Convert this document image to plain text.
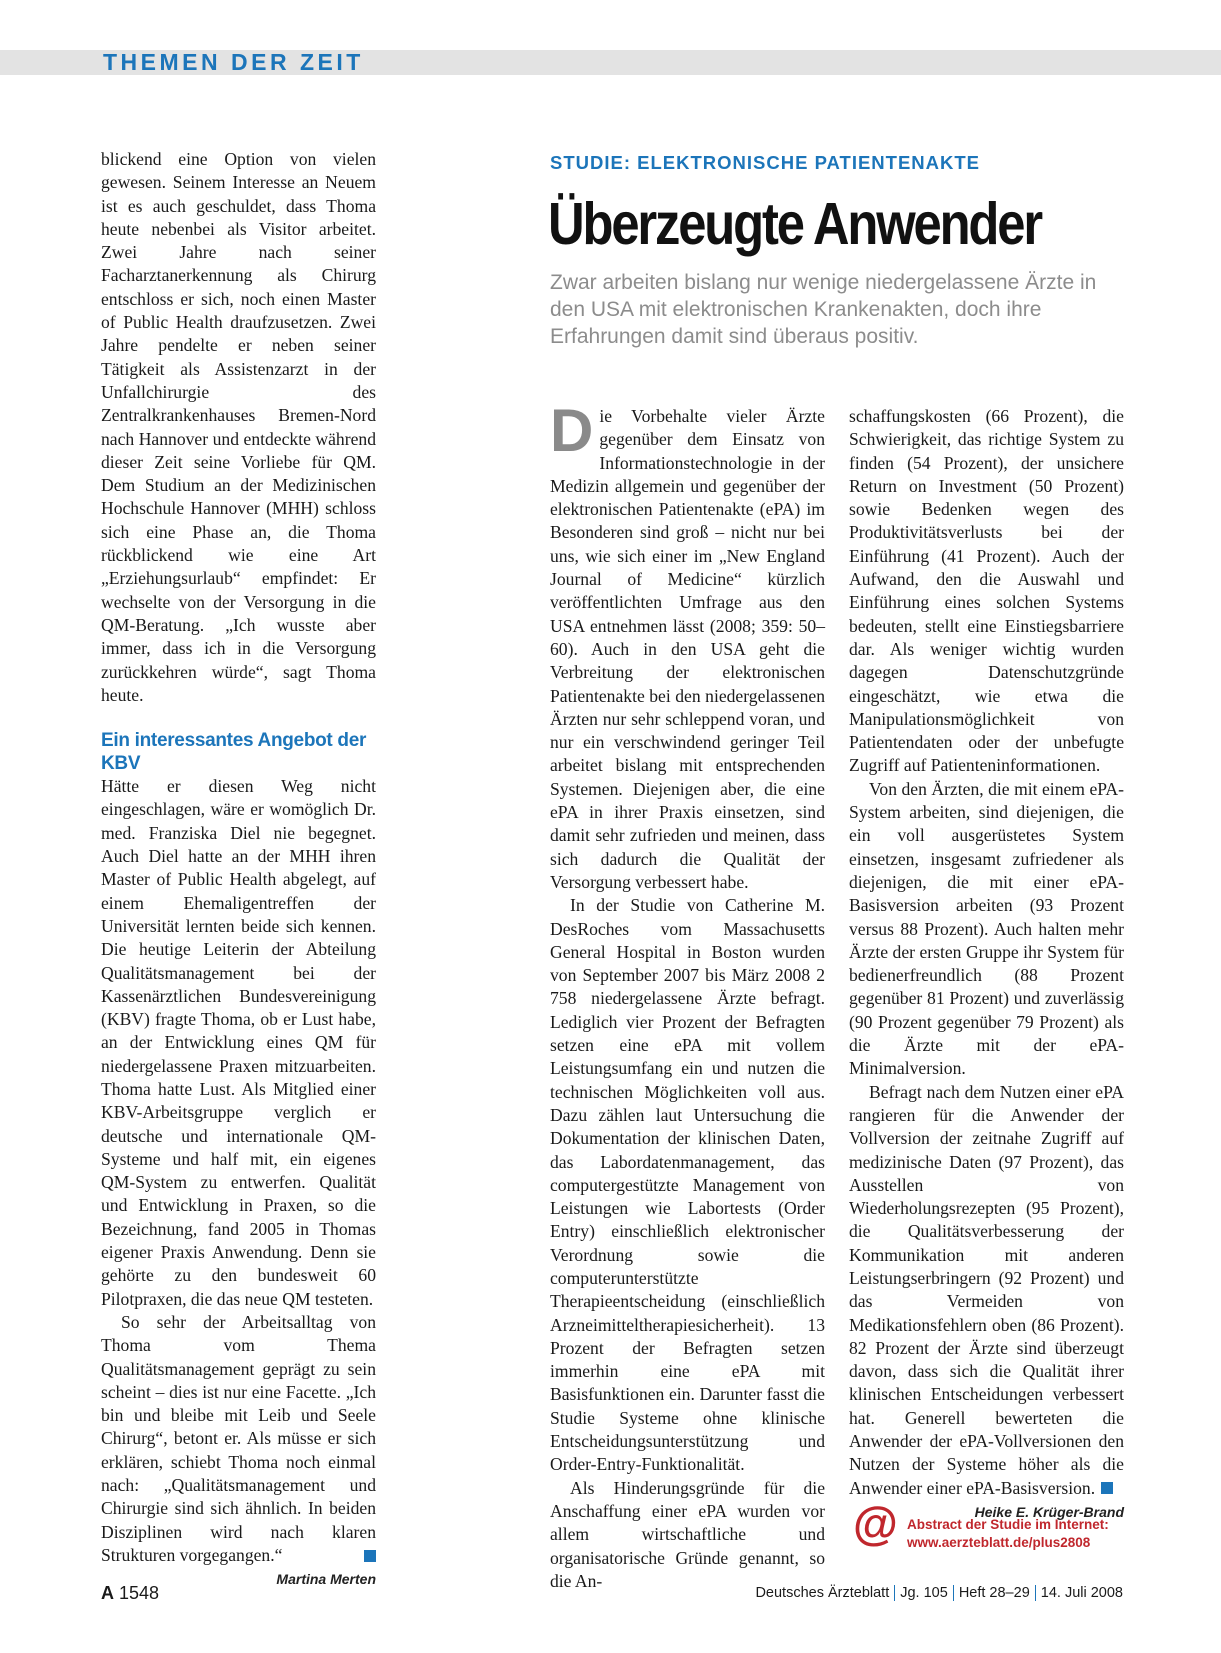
THEMEN DER ZEIT

blickend eine Option von vielen gewesen. Seinem Interesse an Neuem ist es auch geschuldet, dass Thoma heute nebenbei als Visitor arbeitet. Zwei Jahre nach seiner Facharztanerkennung als Chirurg entschloss er sich, noch einen Master of Public Health draufzusetzen. Zwei Jahre pendelte er neben seiner Tätigkeit als Assistenzarzt in der Unfallchirurgie des Zentralkrankenhauses Bremen-Nord nach Hannover und entdeckte während dieser Zeit seine Vorliebe für QM. Dem Studium an der Medizinischen Hochschule Hannover (MHH) schloss sich eine Phase an, die Thoma rückblickend wie eine Art „Erziehungsurlaub“ empfindet: Er wechselte von der Versorgung in die QM-Beratung. „Ich wusste aber immer, dass ich in die Versorgung zurückkehren würde“, sagt Thoma heute.

Ein interessantes Angebot der KBV

Hätte er diesen Weg nicht eingeschlagen, wäre er womöglich Dr. med. Franziska Diel nie begegnet. Auch Diel hatte an der MHH ihren Master of Public Health abgelegt, auf einem Ehemaligentreffen der Universität lernten beide sich kennen. Die heutige Leiterin der Abteilung Qualitätsmanagement bei der Kassenärztlichen Bundesvereinigung (KBV) fragte Thoma, ob er Lust habe, an der Entwicklung eines QM für niedergelassene Praxen mitzuarbeiten. Thoma hatte Lust. Als Mitglied einer KBV-Arbeitsgruppe verglich er deutsche und internationale QM-Systeme und half mit, ein eigenes QM-System zu entwerfen. Qualität und Entwicklung in Praxen, so die Bezeichnung, fand 2005 in Thomas eigener Praxis Anwendung. Denn sie gehörte zu den bundesweit 60 Pilotpraxen, die das neue QM testeten.

So sehr der Arbeitsalltag von Thoma vom Thema Qualitätsmanagement geprägt zu sein scheint – dies ist nur eine Facette. „Ich bin und bleibe mit Leib und Seele Chirurg“, betont er. Als müsse er sich erklären, schiebt Thoma noch einmal nach: „Qualitätsmanagement und Chirurgie sind sich ähnlich. In beiden Disziplinen wird nach klaren Strukturen vorgegangen.“

Martina Merten
STUDIE: ELEKTRONISCHE PATIENTENAKTE
Überzeugte Anwender

Zwar arbeiten bislang nur wenige niedergelassene Ärzte in den USA mit elektronischen Krankenakten, doch ihre Erfahrungen damit sind überaus positiv.

Die Vorbehalte vieler Ärzte gegenüber dem Einsatz von Informationstechnologie in der Medizin allgemein und gegenüber der elektronischen Patientenakte (ePA) im Besonderen sind groß – nicht nur bei uns, wie sich einer im „New England Journal of Medicine“ kürzlich veröffentlichten Umfrage aus den USA entnehmen lässt (2008; 359: 50–60). Auch in den USA geht die Verbreitung der elektronischen Patientenakte bei den niedergelassenen Ärzten nur sehr schleppend voran, und nur ein verschwindend geringer Teil arbeitet bislang mit entsprechenden Systemen. Diejenigen aber, die eine ePA in ihrer Praxis einsetzen, sind damit sehr zufrieden und meinen, dass sich dadurch die Qualität der Versorgung verbessert habe.

In der Studie von Catherine M. DesRoches vom Massachusetts General Hospital in Boston wurden von September 2007 bis März 2008 2 758 niedergelassene Ärzte befragt. Lediglich vier Prozent der Befragten setzen eine ePA mit vollem Leistungsumfang ein und nutzen die technischen Möglichkeiten voll aus. Dazu zählen laut Untersuchung die Dokumentation der klinischen Daten, das Labordatenmanagement, das computergestützte Management von Leistungen wie Labortests (Order Entry) einschließlich elektronischer Verordnung sowie die computerunterstützte Therapieentscheidung (einschließlich Arzneimitteltherapiesicherheit). 13 Prozent der Befragten setzen immerhin eine ePA mit Basisfunktionen ein. Darunter fasst die Studie Systeme ohne klinische Entscheidungsunterstützung und Order-Entry-Funktionalität.

Als Hinderungsgründe für die Anschaffung einer ePA wurden vor allem wirtschaftliche und organisatorische Gründe genannt, so die An-

schaffungskosten (66 Prozent), die Schwierigkeit, das richtige System zu finden (54 Prozent), der unsichere Return on Investment (50 Prozent) sowie Bedenken wegen des Produktivitätsverlusts bei der Einführung (41 Prozent). Auch der Aufwand, den die Auswahl und Einführung eines solchen Systems bedeuten, stellt eine Einstiegsbarriere dar. Als weniger wichtig wurden dagegen Datenschutzgründe eingeschätzt, wie etwa die Manipulationsmöglichkeit von Patientendaten oder der unbefugte Zugriff auf Patienteninformationen.

Von den Ärzten, die mit einem ePA-System arbeiten, sind diejenigen, die ein voll ausgerüstetes System einsetzen, insgesamt zufriedener als diejenigen, die mit einer ePA-Basisversion arbeiten (93 Prozent versus 88 Prozent). Auch halten mehr Ärzte der ersten Gruppe ihr System für bedienerfreundlich (88 Prozent gegenüber 81 Prozent) und zuverlässig (90 Prozent gegenüber 79 Prozent) als die Ärzte mit der ePA-Minimalversion.

Befragt nach dem Nutzen einer ePA rangieren für die Anwender der Vollversion der zeitnahe Zugriff auf medizinische Daten (97 Prozent), das Ausstellen von Wiederholungsrezepten (95 Prozent), die Qualitätsverbesserung der Kommunikation mit anderen Leistungserbringern (92 Prozent) und das Vermeiden von Medikationsfehlern oben (86 Prozent). 82 Prozent der Ärzte sind überzeugt davon, dass sich die Qualität ihrer klinischen Entscheidungen verbessert hat. Generell bewerteten die Anwender der ePA-Vollversionen den Nutzen der Systeme höher als die Anwender einer ePA-Basisversion.

Heike E. Krüger-Brand
@ Abstract der Studie im Internet:
www.aerzteblatt.de/plus2808

A 1548	Deutsches Ärzteblatt Jg. 105 Heft 28–29 14. Juli 2008
